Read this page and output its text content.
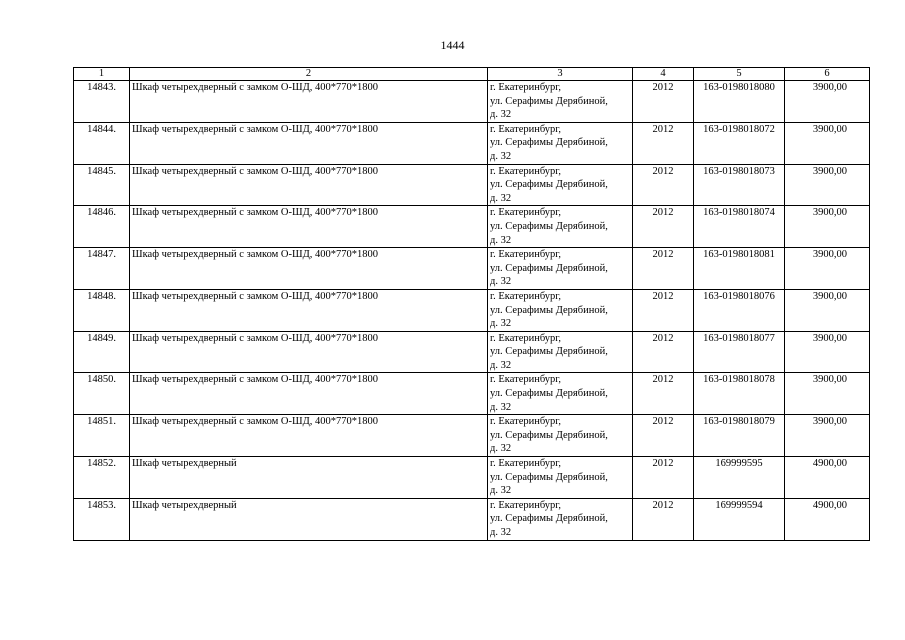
1444
1	2	3	4	5	6
14843.	Шкаф четырехдверный с замком О-ШД, 400*770*1800	г. Екатеринбург,
ул. Серафимы Дерябиной,
д. 32	2012	163-0198018080	3900,00
14844.	Шкаф четырехдверный с замком О-ШД, 400*770*1800	г. Екатеринбург,
ул. Серафимы Дерябиной,
д. 32	2012	163-0198018072	3900,00
14845.	Шкаф четырехдверный с замком О-ШД, 400*770*1800	г. Екатеринбург,
ул. Серафимы Дерябиной,
д. 32	2012	163-0198018073	3900,00
14846.	Шкаф четырехдверный с замком О-ШД, 400*770*1800	г. Екатеринбург,
ул. Серафимы Дерябиной,
д. 32	2012	163-0198018074	3900,00
14847.	Шкаф четырехдверный с замком О-ШД, 400*770*1800	г. Екатеринбург,
ул. Серафимы Дерябиной,
д. 32	2012	163-0198018081	3900,00
14848.	Шкаф четырехдверный с замком О-ШД, 400*770*1800	г. Екатеринбург,
ул. Серафимы Дерябиной,
д. 32	2012	163-0198018076	3900,00
14849.	Шкаф четырехдверный с замком О-ШД, 400*770*1800	г. Екатеринбург,
ул. Серафимы Дерябиной,
д. 32	2012	163-0198018077	3900,00
14850.	Шкаф четырехдверный с замком О-ШД, 400*770*1800	г. Екатеринбург,
ул. Серафимы Дерябиной,
д. 32	2012	163-0198018078	3900,00
14851.	Шкаф четырехдверный с замком О-ШД, 400*770*1800	г. Екатеринбург,
ул. Серафимы Дерябиной,
д. 32	2012	163-0198018079	3900,00
14852.	Шкаф четырехдверный	г. Екатеринбург,
ул. Серафимы Дерябиной,
д. 32	2012	169999595	4900,00
14853.	Шкаф четырехдверный	г. Екатеринбург,
ул. Серафимы Дерябиной,
д. 32	2012	169999594	4900,00
